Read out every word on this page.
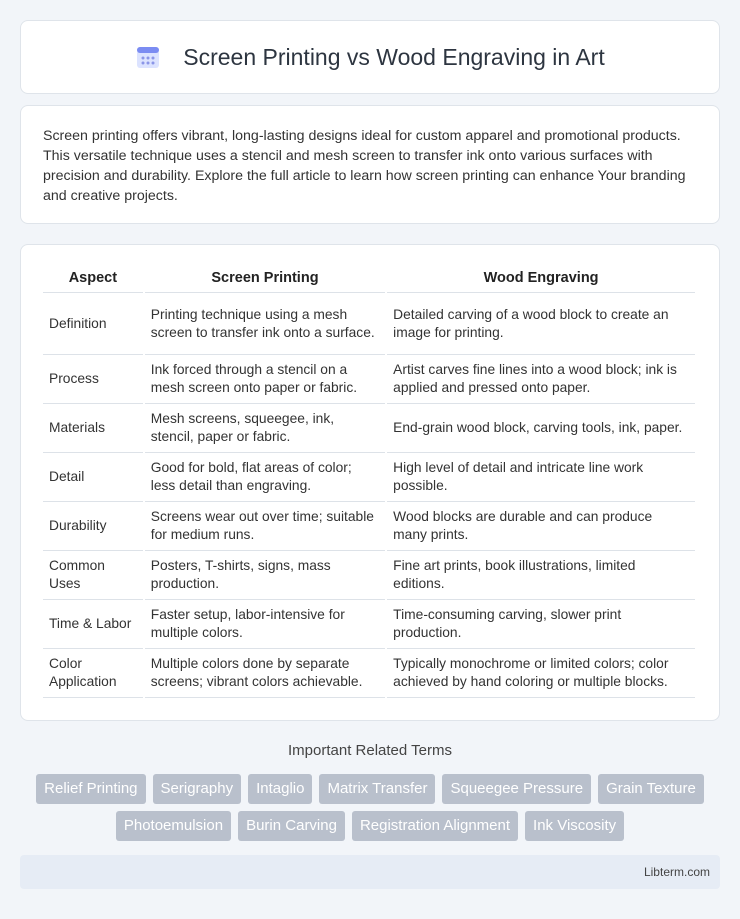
Screen Printing vs Wood Engraving in Art

Screen printing offers vibrant, long-lasting designs ideal for custom apparel and promotional products. This versatile technique uses a stencil and mesh screen to transfer ink onto various surfaces with precision and durability. Explore the full article to learn how screen printing can enhance Your branding and creative projects.

Aspect	Screen Printing	Wood Engraving
Definition	Printing technique using a mesh screen to transfer ink onto a surface.	Detailed carving of a wood block to create an image for printing.
Process	Ink forced through a stencil on a mesh screen onto paper or fabric.	Artist carves fine lines into a wood block; ink is applied and pressed onto paper.
Materials	Mesh screens, squeegee, ink, stencil, paper or fabric.	End-grain wood block, carving tools, ink, paper.
Detail	Good for bold, flat areas of color; less detail than engraving.	High level of detail and intricate line work possible.
Durability	Screens wear out over time; suitable for medium runs.	Wood blocks are durable and can produce many prints.
Common Uses	Posters, T-shirts, signs, mass production.	Fine art prints, book illustrations, limited editions.
Time & Labor	Faster setup, labor-intensive for multiple colors.	Time-consuming carving, slower print production.
Color Application	Multiple colors done by separate screens; vibrant colors achievable.	Typically monochrome or limited colors; color achieved by hand coloring or multiple blocks.
Important Related Terms
Relief Printing	Serigraphy	Intaglio	Matrix Transfer	Squeegee Pressure	Grain Texture
Photoemulsion	Burin Carving	Registration Alignment	Ink Viscosity
Libterm.com
